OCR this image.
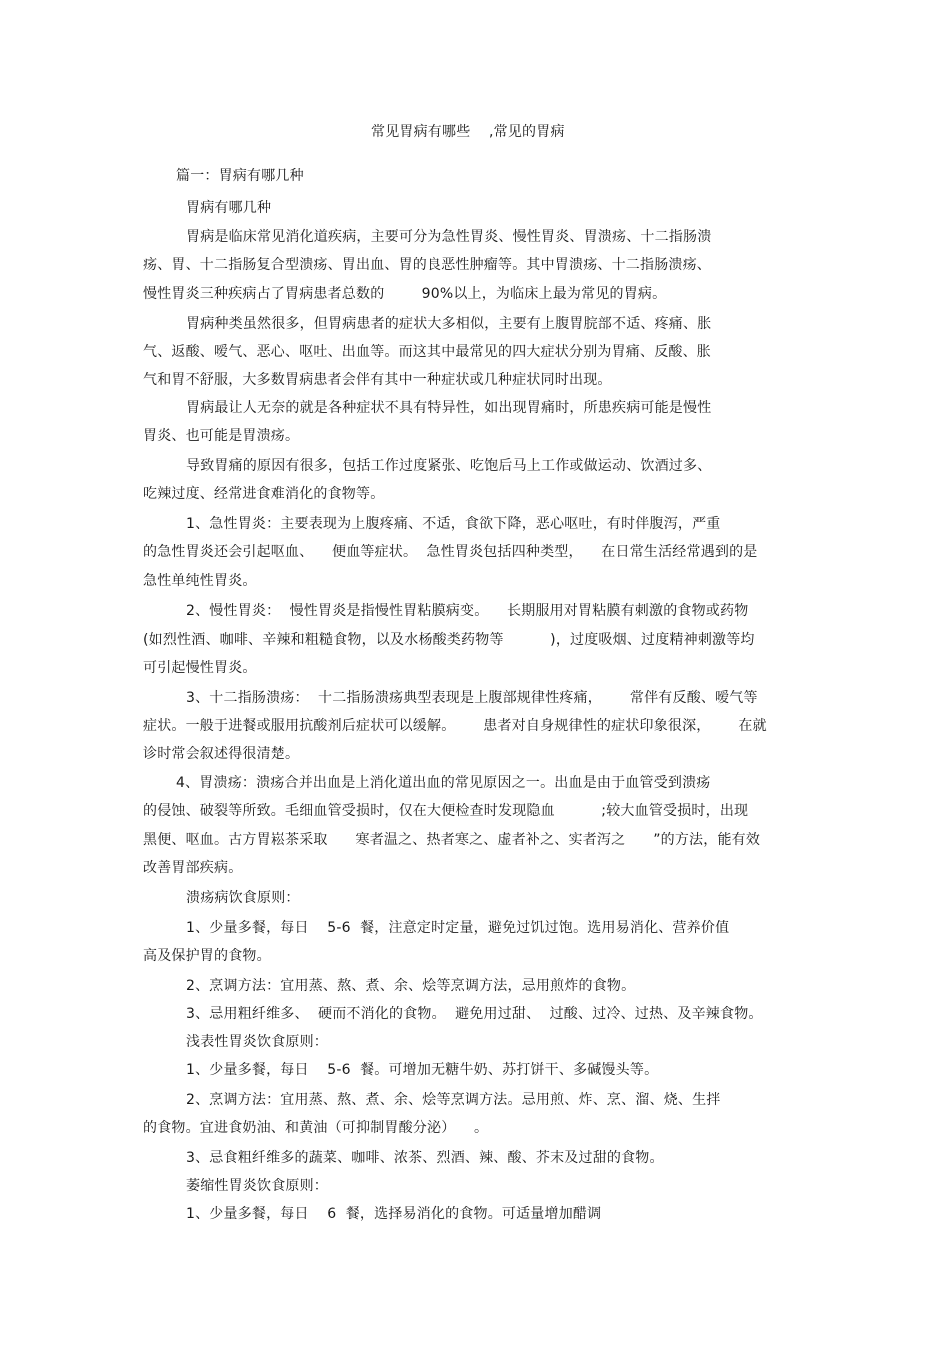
常见胃病有哪些    ,常见的胃病
篇一：胃病有哪几种
胃病有哪几种
胃病是临床常见消化道疾病，主要可分为急性胃炎、慢性胃炎、胃溃疡、十二指肠溃
疡、胃、十二指肠复合型溃疡、胃出血、胃的良恶性肿瘤等。其中胃溃疡、十二指肠溃疡、
慢性胃炎三种疾病占了胃病患者总数的        90%以上，为临床上最为常见的胃病。
胃病种类虽然很多，但胃病患者的症状大多相似，主要有上腹胃脘部不适、疼痛、胀
气、返酸、嗳气、恶心、呕吐、出血等。而这其中最常见的四大症状分别为胃痛、反酸、胀
气和胃不舒服，大多数胃病患者会伴有其中一种症状或几种症状同时出现。
胃病最让人无奈的就是各种症状不具有特异性，如出现胃痛时，所患疾病可能是慢性
胃炎、也可能是胃溃疡。
导致胃痛的原因有很多，包括工作过度紧张、吃饱后马上工作或做运动、饮酒过多、
吃辣过度、经常进食难消化的食物等。
1、急性胃炎：主要表现为上腹疼痛、不适，食欲下降，恶心呕吐，有时伴腹泻，严重
的急性胃炎还会引起呕血、    便血等症状。  急性胃炎包括四种类型，    在日常生活经常遇到的是
急性单纯性胃炎。
2、慢性胃炎：  慢性胃炎是指慢性胃粘膜病变。    长期服用对胃粘膜有刺激的食物或药物
(如烈性酒、咖啡、辛辣和粗糙食物，以及水杨酸类药物等          )，过度吸烟、过度精神刺激等均
可引起慢性胃炎。
3、十二指肠溃疡：  十二指肠溃疡典型表现是上腹部规律性疼痛，      常伴有反酸、嗳气等
症状。一般于进餐或服用抗酸剂后症状可以缓解。      患者对自身规律性的症状印象很深，      在就
诊时常会叙述得很清楚。
4、胃溃疡：溃疡合并出血是上消化道出血的常见原因之一。出血是由于血管受到溃疡
的侵蚀、破裂等所致。毛细血管受损时，仅在大便检查时发现隐血          ;较大血管受损时，出现
黑便、呕血。古方胃崧茶采取      寒者温之、热者寒之、虚者补之、实者泻之      ”的方法，能有效
改善胃部疾病。
溃疡病饮食原则：
1、少量多餐，每日    5-6  餐，注意定时定量，避免过饥过饱。选用易消化、营养价值
高及保护胃的食物。
2、烹调方法：宜用蒸、熬、煮、余、烩等烹调方法，忌用煎炸的食物。
3、忌用粗纤维多、  硬而不消化的食物。  避免用过甜、  过酸、过冷、过热、及辛辣食物。
浅表性胃炎饮食原则：
1、少量多餐，每日    5-6  餐。可增加无糖牛奶、苏打饼干、多碱馒头等。
2、烹调方法：宜用蒸、熬、煮、余、烩等烹调方法。忌用煎、炸、烹、溜、烧、生拌
的食物。宜进食奶油、和黄油（可抑制胃酸分泌）    。
3、忌食粗纤维多的蔬菜、咖啡、浓茶、烈酒、辣、酸、芥末及过甜的食物。
萎缩性胃炎饮食原则：
1、少量多餐，每日    6  餐，选择易消化的食物。可适量增加醋调
